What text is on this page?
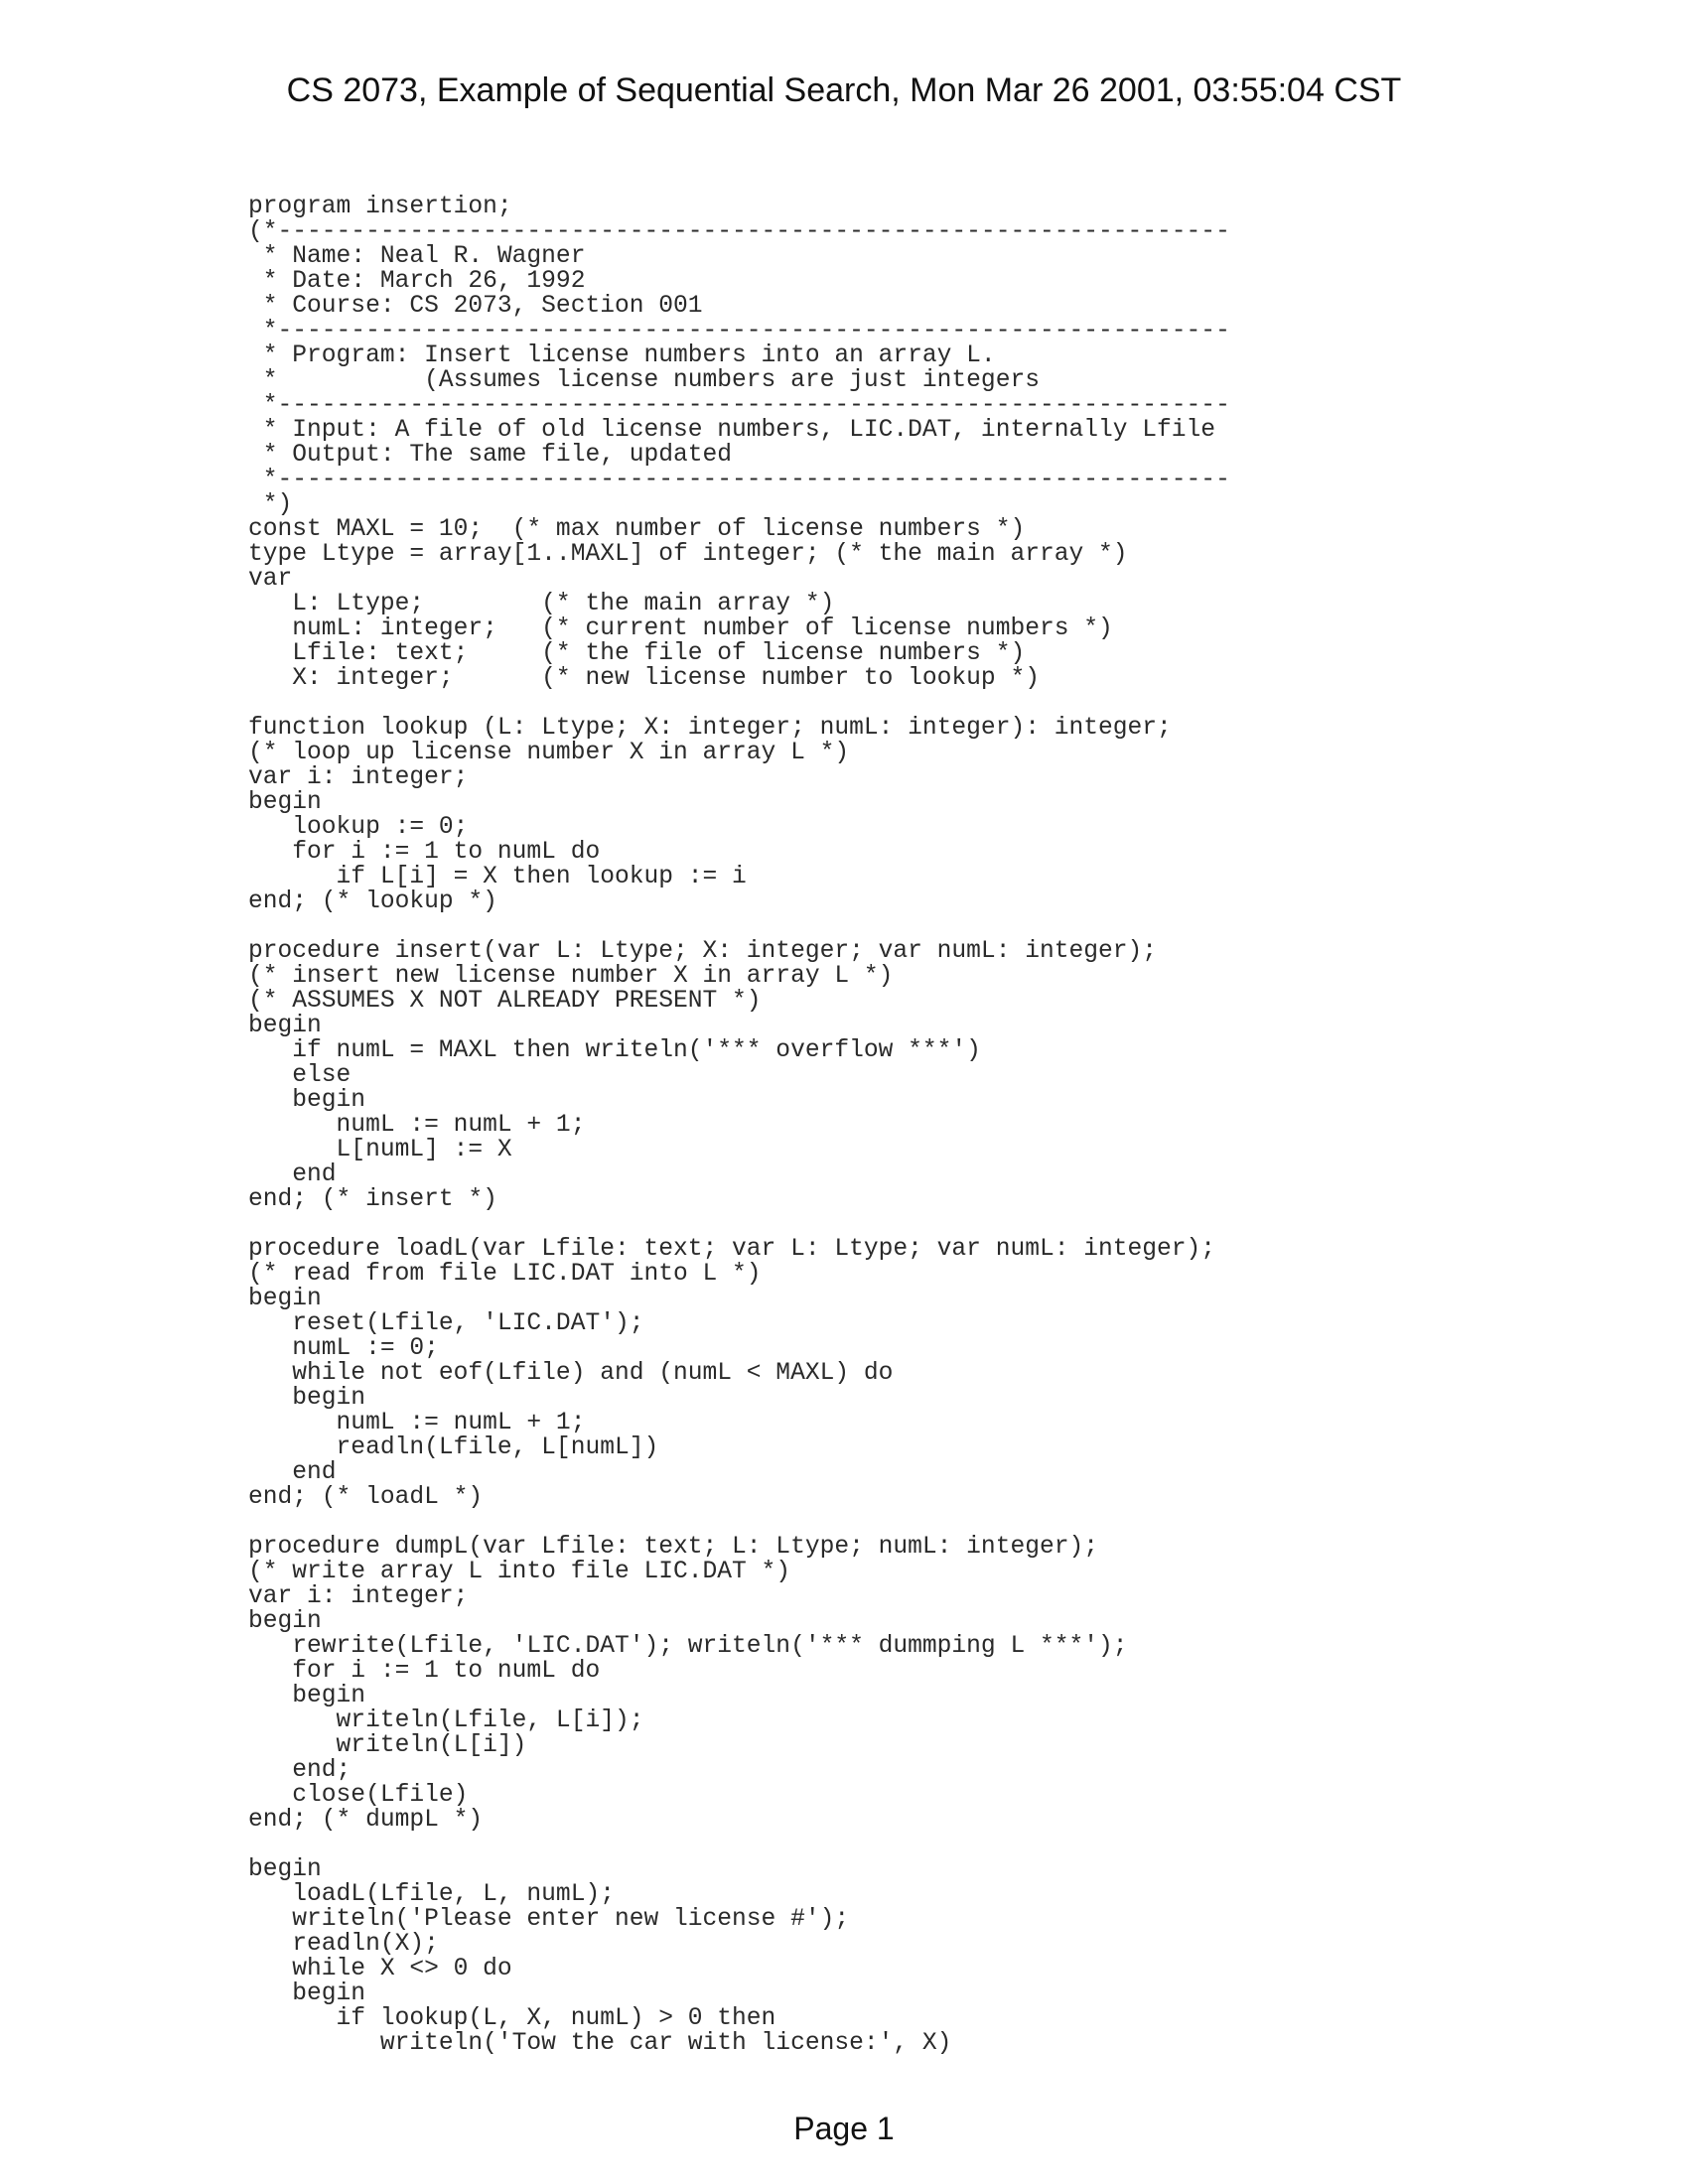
CS 2073, Example of Sequential Search, Mon Mar 26 2001, 03:55:04 CST
program insertion;
(*-----------------------------------------------------------------
* Name: Neal R. Wagner
* Date: March 26, 1992
* Course: CS 2073, Section 001
*-----------------------------------------------------------------
* Program: Insert license numbers into an array L.
*          (Assumes license numbers are just integers
*-----------------------------------------------------------------
* Input: A file of old license numbers, LIC.DAT, internally Lfile
* Output: The same file, updated
*-----------------------------------------------------------------
*)
const MAXL = 10;  (* max number of license numbers *)
type Ltype = array[1..MAXL] of integer; (* the main array *)
var
L: Ltype;        (* the main array *)
numL: integer;   (* current number of license numbers *)
Lfile: text;     (* the file of license numbers *)
X: integer;      (* new license number to lookup *)
function lookup (L: Ltype; X: integer; numL: integer): integer;
(* loop up license number X in array L *)
var i: integer;
begin
lookup := 0;
for i := 1 to numL do
if L[i] = X then lookup := i
end; (* lookup *)
procedure insert(var L: Ltype; X: integer; var numL: integer);
(* insert new license number X in array L *)
(* ASSUMES X NOT ALREADY PRESENT *)
begin
if numL = MAXL then writeln('*** overflow ***')
else
begin
numL := numL + 1;
L[numL] := X
end
end; (* insert *)
procedure loadL(var Lfile: text; var L: Ltype; var numL: integer);
(* read from file LIC.DAT into L *)
begin
reset(Lfile, 'LIC.DAT');
numL := 0;
while not eof(Lfile) and (numL < MAXL) do
begin
numL := numL + 1;
readln(Lfile, L[numL])
end
end; (* loadL *)
procedure dumpL(var Lfile: text; L: Ltype; numL: integer);
(* write array L into file LIC.DAT *)
var i: integer;
begin
rewrite(Lfile, 'LIC.DAT'); writeln('*** dummping L ***');
for i := 1 to numL do
begin
writeln(Lfile, L[i]);
writeln(L[i])
end;
close(Lfile)
end; (* dumpL *)
begin
loadL(Lfile, L, numL);
writeln('Please enter new license #');
readln(X);
while X <> 0 do
begin
if lookup(L, X, numL) > 0 then
writeln('Tow the car with license:', X)
Page 1
